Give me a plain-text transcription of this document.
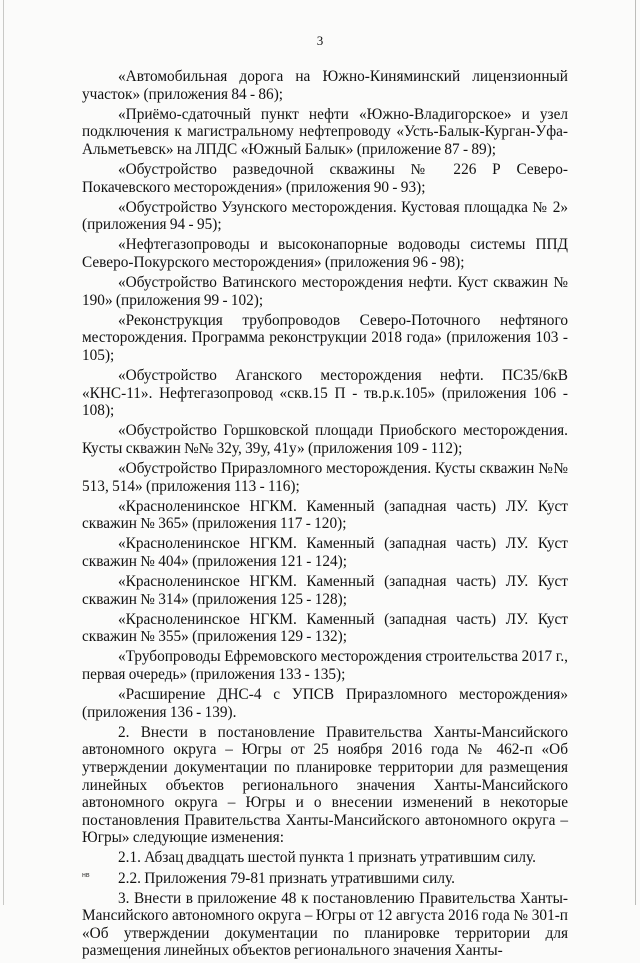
3

«Автомобильная дорога на Южно-Киняминский лицензионный участок» (приложения 84 - 86);

«Приёмо-сдаточный пункт нефти «Южно-Владигорское» и узел подключения к магистральному нефтепроводу «Усть-Балык-Курган-Уфа-Альметьевск» на ЛПДС «Южный Балык» (приложение 87 - 89);

«Обустройство разведочной скважины № 226 Р Северо-Покачевского месторождения» (приложения 90 - 93);

«Обустройство Узунского месторождения. Кустовая площадка № 2» (приложения 94 - 95);

«Нефтегазопроводы и высоконапорные водоводы системы ППД Северо-Покурского месторождения» (приложения 96 - 98);

«Обустройство Ватинского месторождения нефти. Куст скважин № 190» (приложения 99 - 102);

«Реконструкция трубопроводов Северо-Поточного нефтяного месторождения. Программа реконструкции 2018 года» (приложения 103 - 105);

«Обустройство Аганского месторождения нефти. ПС35/6кВ «КНС-11». Нефтегазопровод «скв.15 П - тв.р.к.105» (приложения 106 - 108);

«Обустройство Горшковской площади Приобского месторождения. Кусты скважин №№ 32у, 39у, 41у» (приложения 109 - 112);

«Обустройство Приразломного месторождения. Кусты скважин №№ 513, 514» (приложения 113 - 116);

«Красноленинское НГКМ. Каменный (западная часть) ЛУ. Куст скважин № 365» (приложения 117 - 120);

«Красноленинское НГКМ. Каменный (западная часть) ЛУ. Куст скважин № 404» (приложения 121 - 124);

«Красноленинское НГКМ. Каменный (западная часть) ЛУ. Куст скважин № 314» (приложения 125 - 128);

«Красноленинское НГКМ. Каменный (западная часть) ЛУ. Куст скважин № 355» (приложения 129 - 132);

«Трубопроводы Ефремовского месторождения строительства 2017 г., первая очередь» (приложения 133 - 135);

«Расширение ДНС-4 с УПСВ Приразломного месторождения» (приложения 136 - 139).

2. Внести в постановление Правительства Ханты-Мансийского автономного округа – Югры от 25 ноября 2016 года № 462-п «Об утверждении документации по планировке территории для размещения линейных объектов регионального значения Ханты-Мансийского автономного округа – Югры и о внесении изменений в некоторые постановления Правительства Ханты-Мансийского автономного округа – Югры» следующие изменения:

2.1. Абзац двадцать шестой пункта 1 признать утратившим силу.

2.2. Приложения 79-81 признать утратившими силу.

3. Внести в приложение 48 к постановлению Правительства Ханты-Мансийского автономного округа – Югры от 12 августа 2016 года № 301-п «Об утверждении документации по планировке территории для размещения линейных объектов регионального значения Ханты-

нв
